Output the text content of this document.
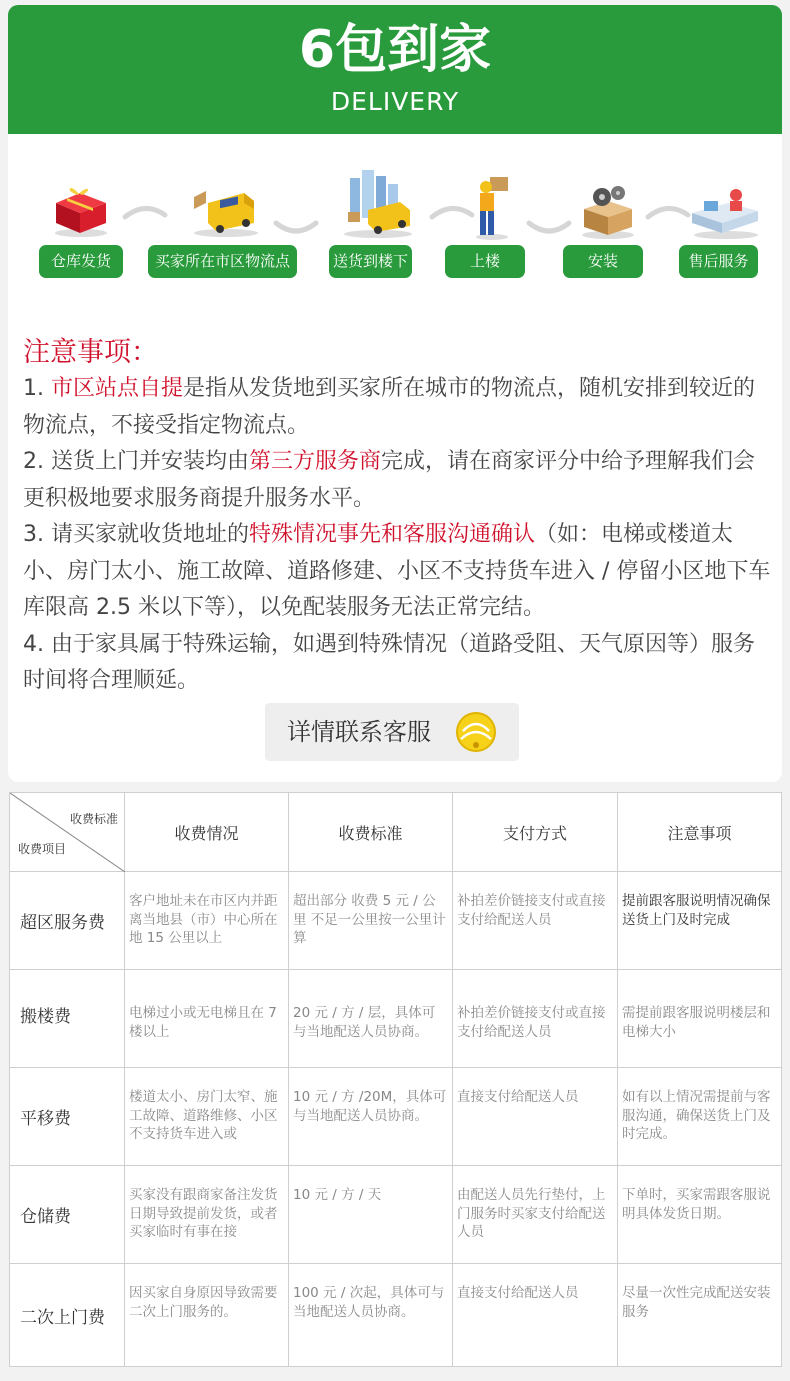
6包到家
DELIVERY
仓库发货	买家所在市区物流点	送货到楼下	上楼	安装	售后服务
注意事项：

1. 市区站点自提是指从发货地到买家所在城市的物流点，随机安排到较近的物流点，不接受指定物流点。

2. 送货上门并安装均由第三方服务商完成，请在商家评分中给予理解我们会更积极地要求服务商提升服务水平。

3. 请买家就收货地址的特殊情况事先和客服沟通确认（如：电梯或楼道太小、房门太小、施工故障、道路修建、小区不支持货车进入 / 停留小区地下车库限高 2.5 米以下等），以免配装服务无法正常完结。

4. 由于家具属于特殊运输，如遇到特殊情况（道路受阻、天气原因等）服务时间将合理顺延。

详情联系客服
收费标准
收费项目	收费情况	收费标准	支付方式	注意事项
超区服务费	客户地址未在市区内并距离当地县（市）中心所在地 15 公里以上	超出部分 收费 5 元 / 公里 不足一公里按一公里计算	补拍差价链接支付或直接支付给配送人员	提前跟客服说明情况确保送货上门及时完成
搬楼费	电梯过小或无电梯且在 7 楼以上	20 元 / 方 / 层，具体可与当地配送人员协商。	补拍差价链接支付或直接支付给配送人员	需提前跟客服说明楼层和电梯大小
平移费	楼道太小、房门太窄、施工故障、道路维修、小区不支持货车进入或	10 元 / 方 /20M，具体可与当地配送人员协商。	直接支付给配送人员	如有以上情况需提前与客服沟通，确保送货上门及时完成。
仓储费	买家没有跟商家备注发货日期导致提前发货，或者买家临时有事在接	10 元 / 方 / 天	由配送人员先行垫付，上门服务时买家支付给配送人员	下单时，买家需跟客服说明具体发货日期。
二次上门费	因买家自身原因导致需要二次上门服务的。	100 元 / 次起，具体可与当地配送人员协商。	直接支付给配送人员	尽量一次性完成配送安装服务
